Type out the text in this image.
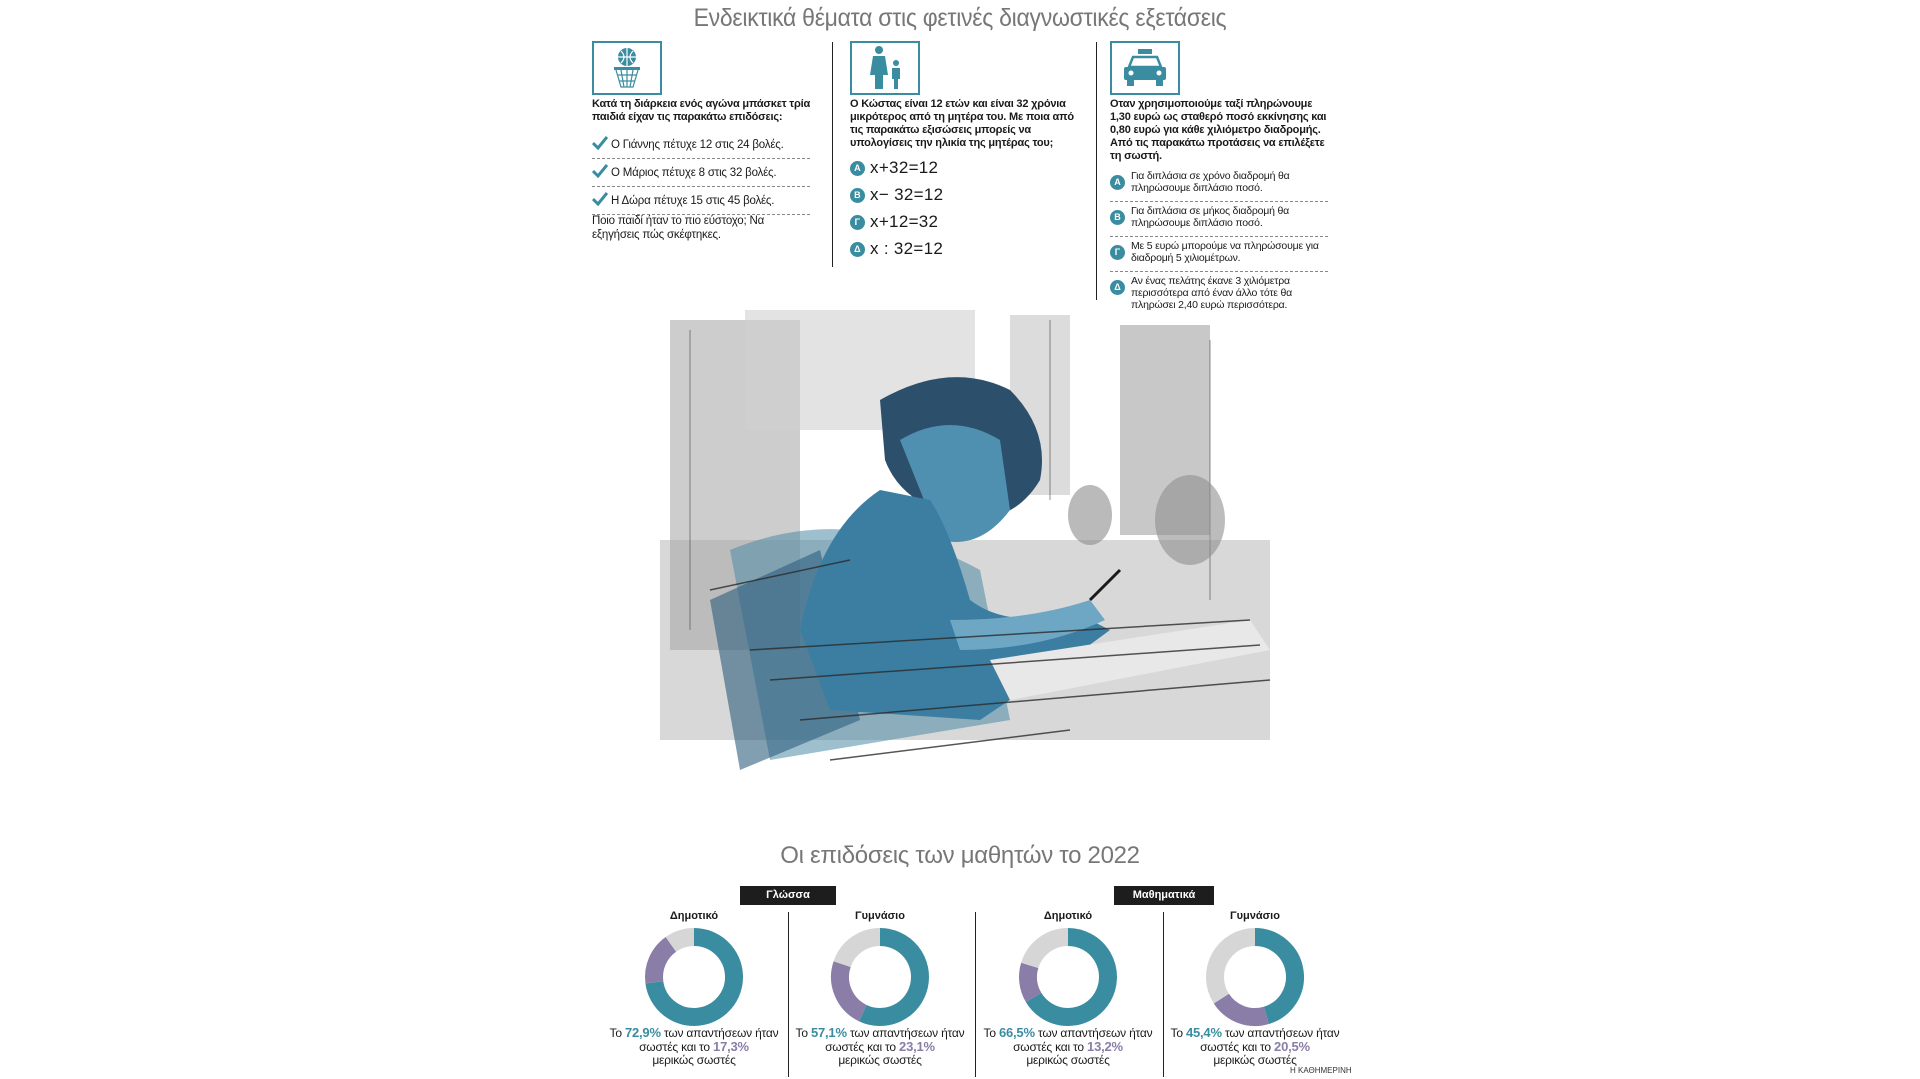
Ενδεικτικά θέματα στις φετινές διαγνωστικές εξετάσεις
Κατά τη διάρκεια ενός αγώνα μπάσκετ τρία παιδιά είχαν τις παρακάτω επιδόσεις:
Ο Γιάννης πέτυχε 12 στις 24 βολές.
Ο Μάριος πέτυχε 8 στις 32 βολές.
Η Δώρα πέτυχε 15 στις 45 βολές.
Ποιο παιδί ήταν το πιο εύστοχο; Να εξηγήσεις πώς σκέφτηκες.
Ο Κώστας είναι 12 ετών και είναι 32 χρόνια μικρότερος από τη μητέρα του. Με ποια από τις παρακάτω εξισώσεις μπορείς να υπολογίσεις την ηλικία της μητέρας του;
Α x+32=12
Β x− 32=12
Γ x+12=32
Δ x : 32=12
Οταν χρησιμοποιούμε ταξί πληρώνουμε 1,30 ευρώ ως σταθερό ποσό εκκίνησης και 0,80 ευρώ για κάθε χιλιόμετρο διαδρομής. Από τις παρακάτω προτάσεις να επιλέξετε τη σωστή.
Α Για διπλάσια σε χρόνο διαδρομή θα πληρώσουμε διπλάσιο ποσό.
Β Για διπλάσια σε μήκος διαδρομή θα πληρώσουμε διπλάσιο ποσό.
Γ	Με 5 ευρώ μπορούμε να πληρώσουμε για διαδρομή 5 χιλιομέτρων.
Δ Αν ένας πελάτης έκανε 3 χιλιόμετρα περισσότερα από έναν άλλο τότε θα πληρώσει 2,40 ευρώ περισσότερα.
Οι επιδόσεις των μαθητών το 2022
Γλώσσα	Μαθηματικά
Δημοτικό
Το 72,9% των απαντήσεων ήταν σωστές και το 17,3%
μερικώς σωστές
Γυμνάσιο
Το 57,1% των απαντήσεων ήταν σωστές και το 23,1%
μερικώς σωστές
Δημοτικό
Το 66,5% των απαντήσεων ήταν σωστές και το 13,2%
μερικώς σωστές
Γυμνάσιο
Το 45,4% των απαντήσεων ήταν σωστές και το 20,5%
μερικώς σωστές
Η ΚΑΘΗΜΕΡΙΝΗ
